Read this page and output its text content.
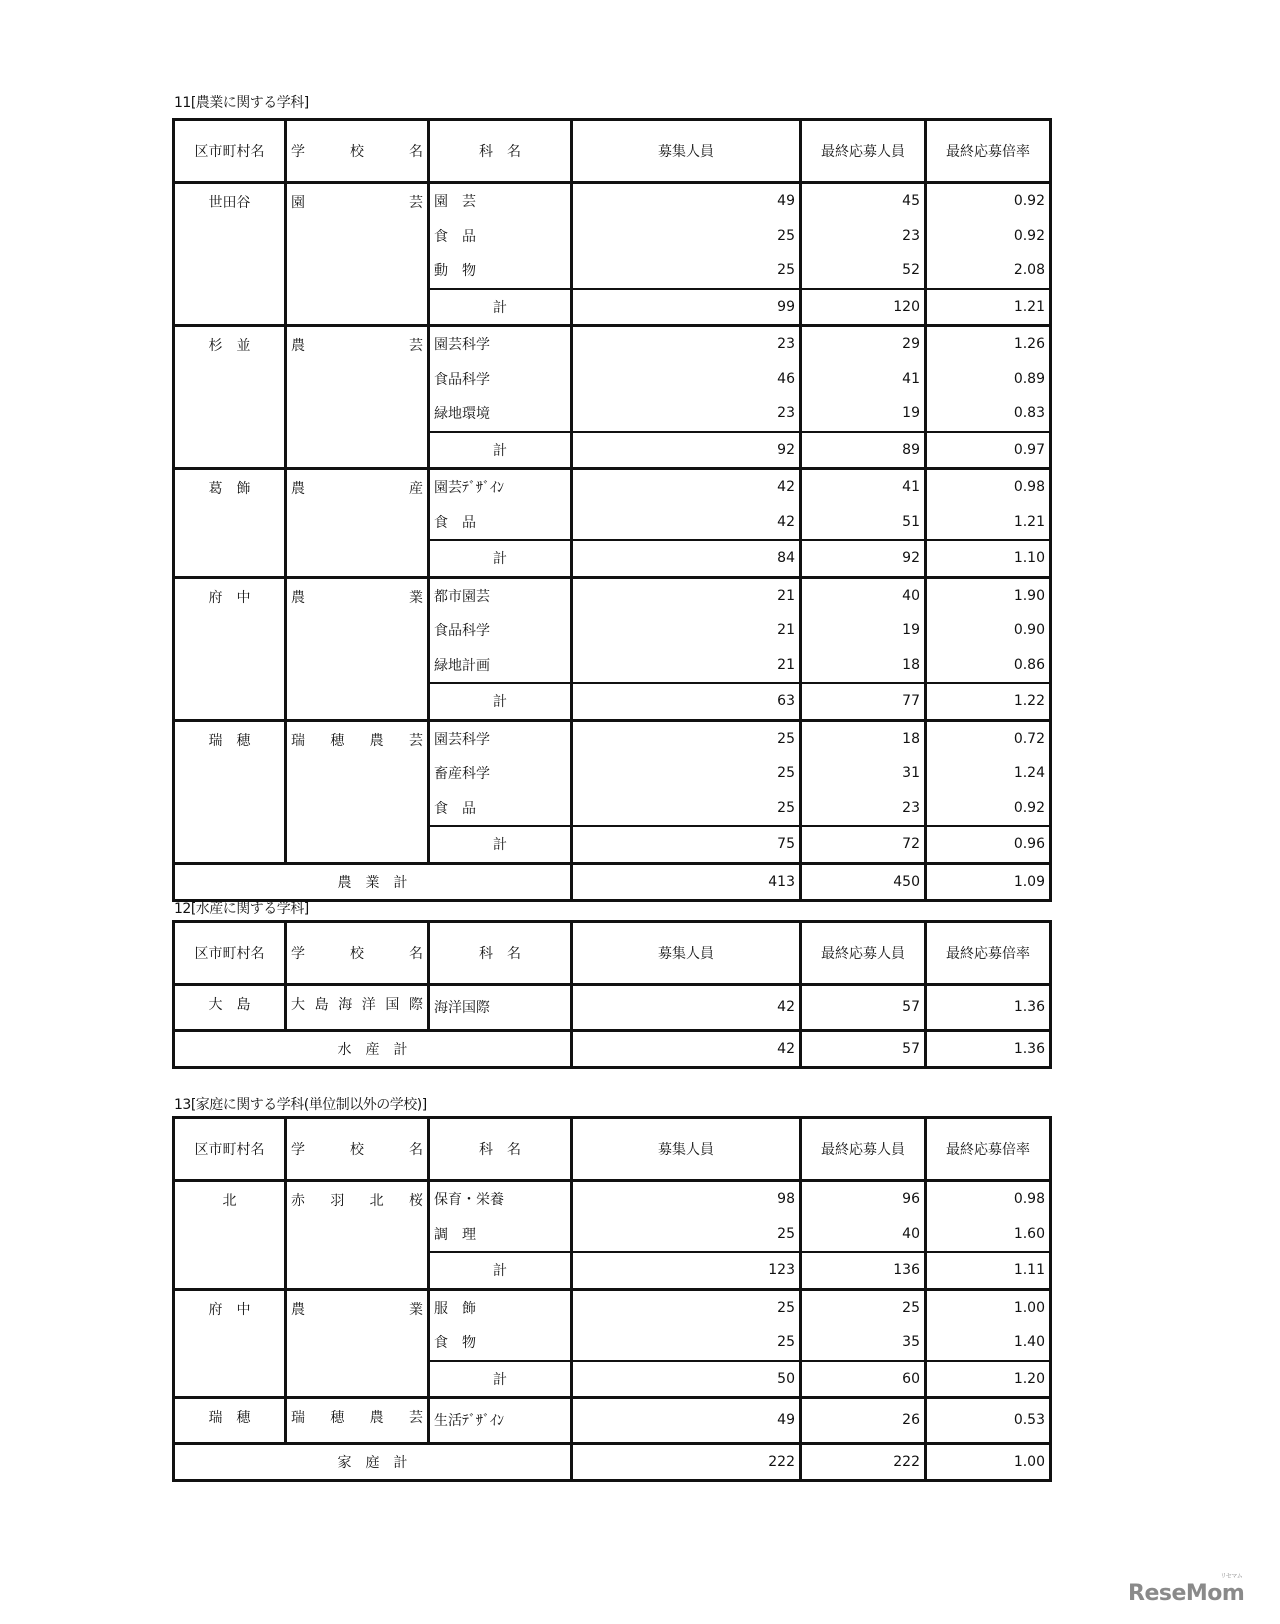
11[農業に関する学科]
区市町村名	学 校 名	科　名	募集人員	最終応募人員	最終応募倍率
世田谷	園 芸	園　芸	49	45	0.92
		食　品	25	23	0.92
		動　物	25	52	2.08
		計	99	120	1.21
杉　並	農 芸	園芸科学	23	29	1.26
		食品科学	46	41	0.89
		緑地環境	23	19	0.83
		計	92	89	0.97
葛　飾	農 産	園芸ﾃﾞｻﾞｲﾝ	42	41	0.98
		食　品	42	51	1.21
		計	84	92	1.10
府　中	農 業	都市園芸	21	40	1.90
		食品科学	21	19	0.90
		緑地計画	21	18	0.86
		計	63	77	1.22
瑞　穂	瑞 穂 農 芸	園芸科学	25	18	0.72
		畜産科学	25	31	1.24
		食　品	25	23	0.92
		計	75	72	0.96
農　業　計			413	450	1.09
12[水産に関する学科]
区市町村名	学 校 名	科　名	募集人員	最終応募人員	最終応募倍率
大　島	大 島 海 洋 国 際	海洋国際	42	57	1.36
水　産　計			42	57	1.36
13[家庭に関する学科(単位制以外の学校)]
区市町村名	学 校 名	科　名	募集人員	最終応募人員	最終応募倍率
北	赤 羽 北 桜	保育・栄養	98	96	0.98
		調　理	25	40	1.60
		計	123	136	1.11
府　中	農 業	服　飾	25	25	1.00
		食　物	25	35	1.40
		計	50	60	1.20
瑞　穂	瑞 穂 農 芸	生活ﾃﾞｻﾞｲﾝ	49	26	0.53
家　庭　計			222	222	1.00
ReseMom
リセマム
